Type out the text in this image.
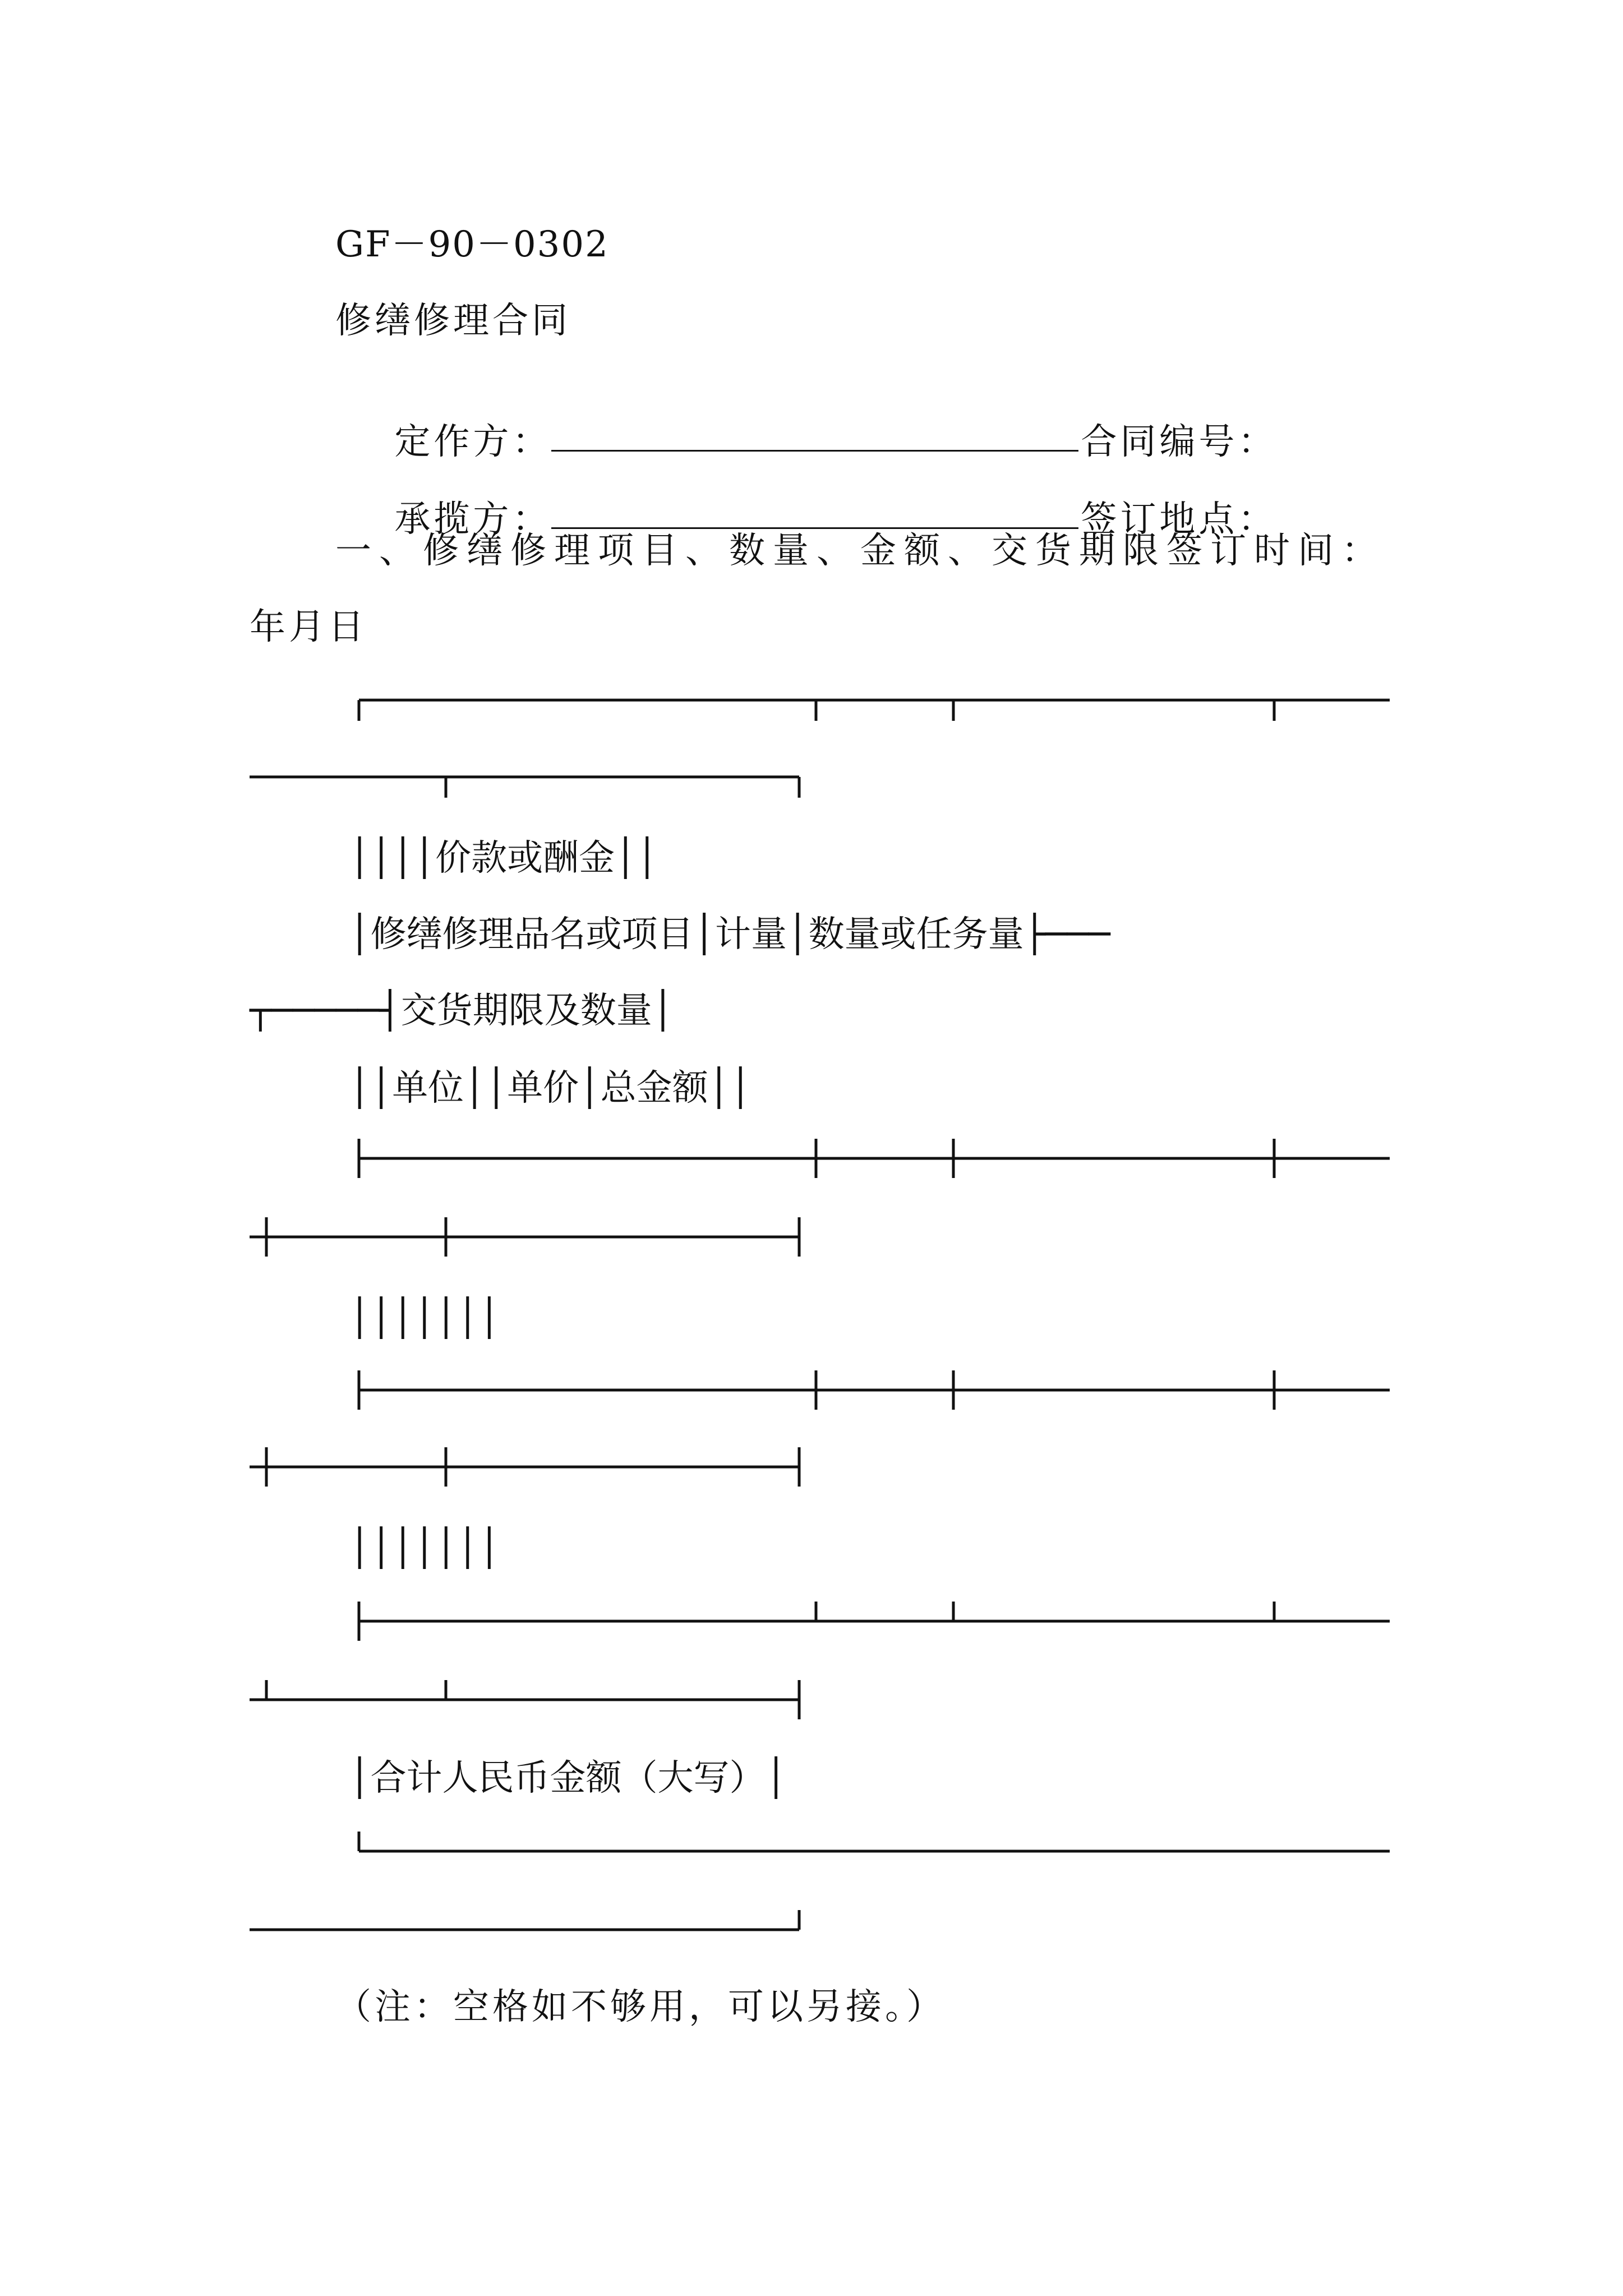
GF－90－0302
修缮修理合同

定作方：	合同编号：

承揽方：	签订地点：

一、修缮修理项目、数量、金额、交货期限签订时间：
年月日
││││价款或酬金││
│修缮修理品名或项目│计量│数量或任务量├───
┬─────┤交货期限及数量│
││单位││单价│总金额││
│││││││
│││││││
│合计人民币金额（大写）│
（注：空格如不够用，可以另接。）
